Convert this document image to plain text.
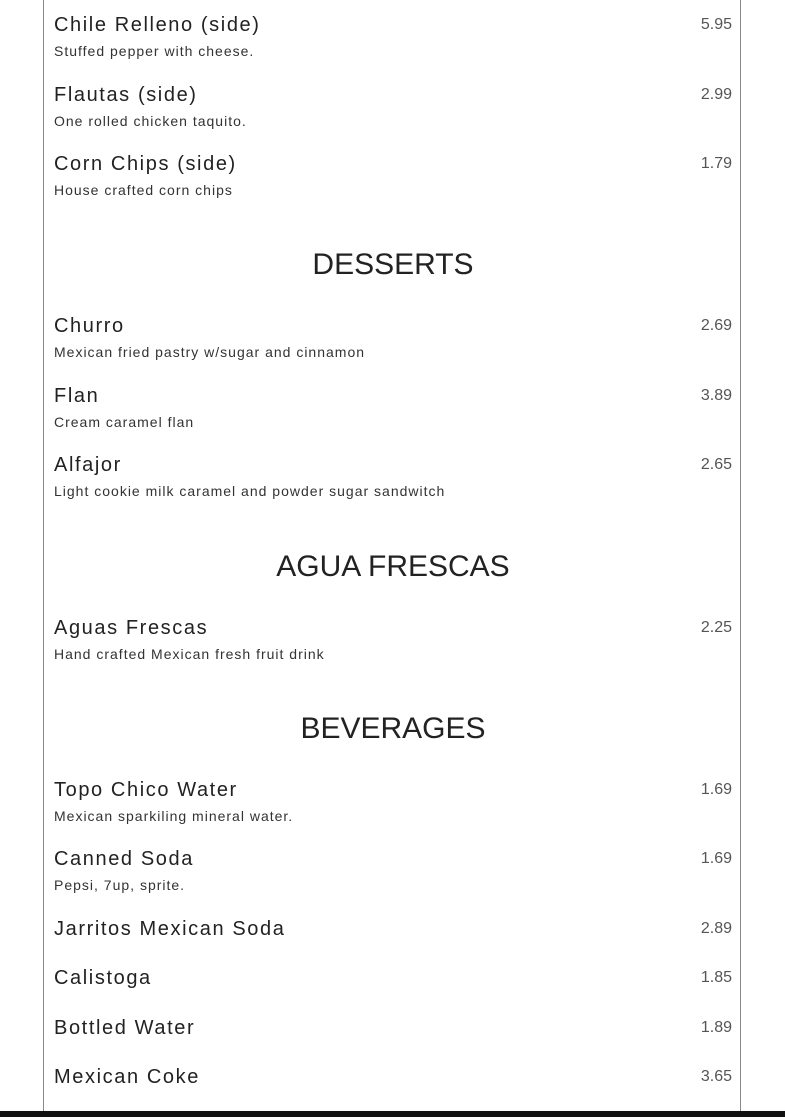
Chile Relleno (side)	5.95
Stuffed pepper with cheese.
Flautas (side)	2.99
One rolled chicken taquito.
Corn Chips (side)	1.79
House crafted corn chips
DESSERTS
Churro	2.69
Mexican fried pastry w/sugar and cinnamon
Flan	3.89
Cream caramel flan
Alfajor	2.65
Light cookie milk caramel and powder sugar sandwitch
AGUA FRESCAS
Aguas Frescas	2.25
Hand crafted Mexican fresh fruit drink
BEVERAGES
Topo Chico Water	1.69
Mexican sparkiling mineral water.
Canned Soda	1.69
Pepsi, 7up, sprite.
Jarritos Mexican Soda	2.89
Calistoga	1.85
Bottled Water	1.89
Mexican Coke	3.65
